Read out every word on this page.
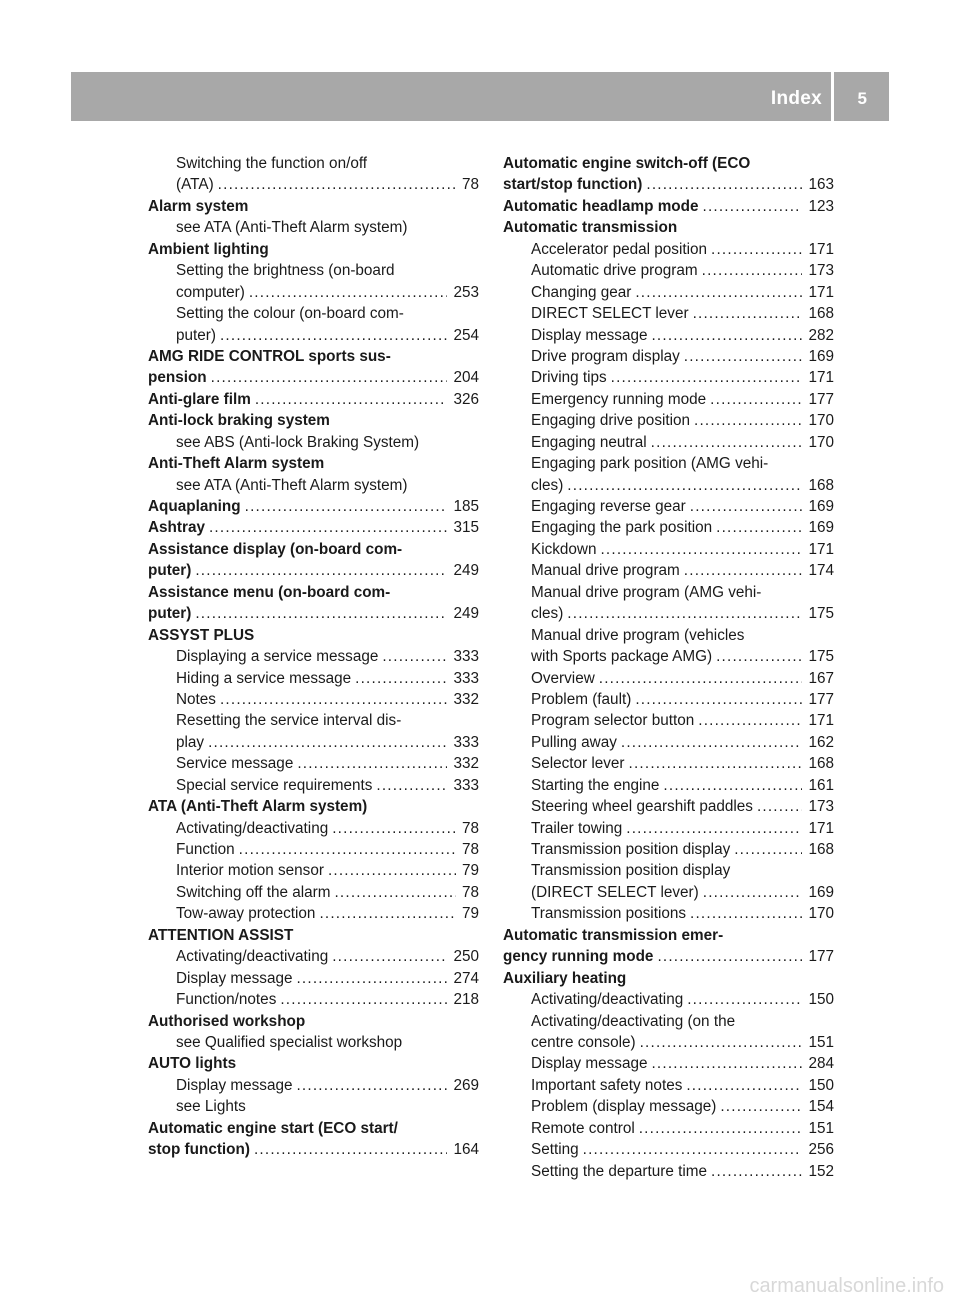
Index 5
Switching the function on/off
(ATA) .....	78
Alarm system
see ATA (Anti-Theft Alarm system)
Ambient lighting
Setting the brightness (on-board
computer) .....	253
Setting the colour (on-board com-
puter) .....	254
AMG RIDE CONTROL sports sus-
pension .....	204
Anti-glare film .....	326
Anti-lock braking system
see ABS (Anti-lock Braking System)
Anti-Theft Alarm system
see ATA (Anti-Theft Alarm system)
Aquaplaning .....	185
Ashtray .....	315
Assistance display (on-board com-
puter) .....	249
Assistance menu (on-board com-
puter) .....	249
ASSYST PLUS
Displaying a service message .....	333
Hiding a service message .....	333
Notes .....	332
Resetting the service interval dis-
play .....	333
Service message .....	332
Special service requirements .....	333
ATA (Anti-Theft Alarm system)
Activating/deactivating .....	78
Function .....	78
Interior motion sensor .....	79
Switching off the alarm .....	78
Tow-away protection .....	79
ATTENTION ASSIST
Activating/deactivating .....	250
Display message .....	274
Function/notes .....	218
Authorised workshop
see Qualified specialist workshop
AUTO lights
Display message .....	269
see Lights
Automatic engine start (ECO start/
stop function) .....	164
Automatic engine switch-off (ECO
start/stop function) .....	163
Automatic headlamp mode .....	123
Automatic transmission
Accelerator pedal position .....	171
Automatic drive program .....	173
Changing gear .....	171
DIRECT SELECT lever .....	168
Display message .....	282
Drive program display .....	169
Driving tips .....	171
Emergency running mode .....	177
Engaging drive position .....	170
Engaging neutral .....	170
Engaging park position (AMG vehi-
cles) .....	168
Engaging reverse gear .....	169
Engaging the park position .....	169
Kickdown .....	171
Manual drive program .....	174
Manual drive program (AMG vehi-
cles) .....	175
Manual drive program (vehicles
with Sports package AMG) .....	175
Overview .....	167
Problem (fault) .....	177
Program selector button .....	171
Pulling away .....	162
Selector lever .....	168
Starting the engine .....	161
Steering wheel gearshift paddles .....	173
Trailer towing .....	171
Transmission position display .....	168
Transmission position display
(DIRECT SELECT lever) .....	169
Transmission positions .....	170
Automatic transmission emer-
gency running mode .....	177
Auxiliary heating
Activating/deactivating .....	150
Activating/deactivating (on the
centre console) .....	151
Display message .....	284
Important safety notes .....	150
Problem (display message) .....	154
Remote control .....	151
Setting .....	256
Setting the departure time .....	152
carmanualsonline.info
